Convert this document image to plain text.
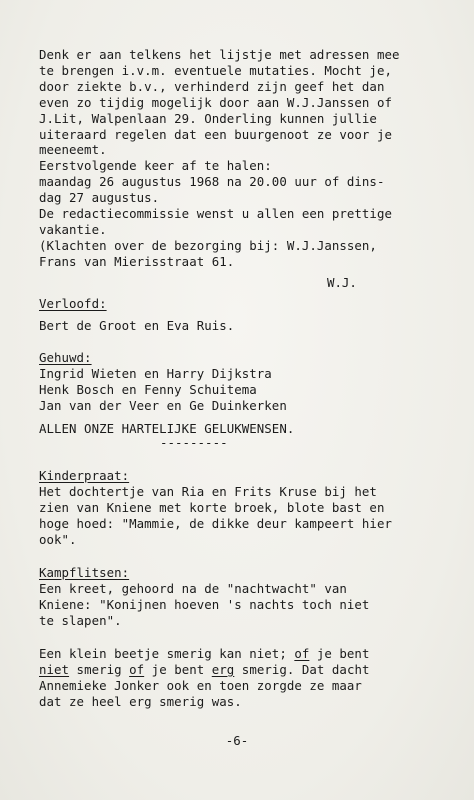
Denk er aan telkens het lijstje met adressen mee
te brengen i.v.m. eventuele mutaties. Mocht je,
door ziekte b.v., verhinderd zijn geef het dan
even zo tijdig mogelijk door aan W.J.Janssen of
J.Lit, Walpenlaan 29. Onderling kunnen jullie
uiteraard regelen dat een buurgenoot ze voor je
meeneemt.
Eerstvolgende keer af te halen:
maandag 26 augustus 1968 na 20.00 uur of dins-
dag 27 augustus.
De redactiecommissie wenst u allen een prettige
vakantie.
(Klachten over de bezorging bij: W.J.Janssen,
Frans van Mierisstraat 61.
W.J.
Verloofd:
Bert de Groot en Eva Ruis.
Gehuwd:
Ingrid Wieten en Harry Dijkstra
Henk Bosch en Fenny Schuitema
Jan van der Veer en Ge Duinkerken
ALLEN ONZE HARTELIJKE GELUKWENSEN.
---------
Kinderpraat:
Het dochtertje van Ria en Frits Kruse bij het
zien van Kniene met korte broek, blote bast en
hoge hoed: "Mammie, de dikke deur kampeert hier
ook".
Kampflitsen:
Een kreet, gehoord na de "nachtwacht" van
Kniene: "Konijnen hoeven 's nachts toch niet
te slapen".
Een klein beetje smerig kan niet; of je bent
niet smerig of je bent erg smerig. Dat dacht
Annemieke Jonker ook en toen zorgde ze maar
dat ze heel erg smerig was.
-6-
